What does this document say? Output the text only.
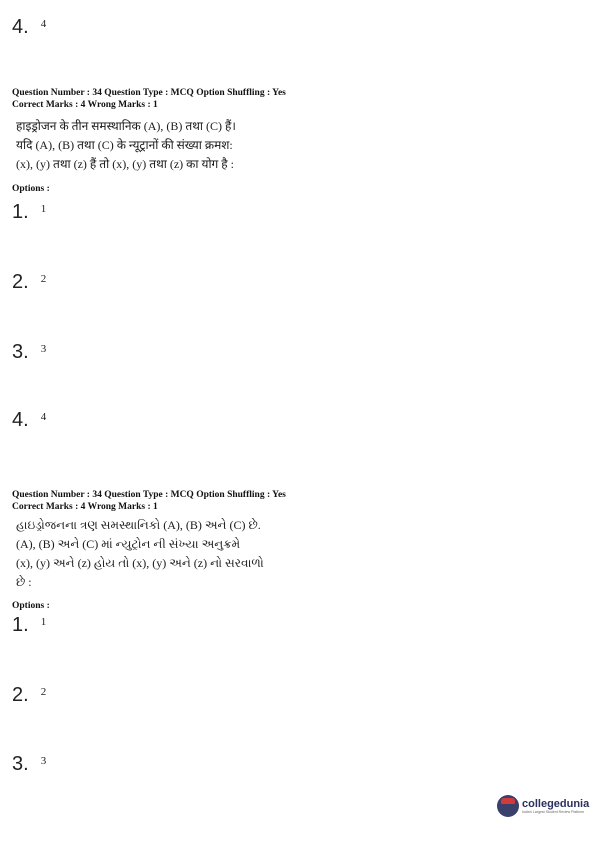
4. 4
Question Number : 34 Question Type : MCQ Option Shuffling : Yes
Correct Marks : 4 Wrong Marks : 1
हाइड्रोजन के तीन समस्थानिक (A), (B) तथा (C) हैं।
यदि (A), (B) तथा (C) के न्यूट्रानों की संख्या क्रमश:
(x), (y) तथा (z) हैं तो (x), (y) तथा (z) का योग है :
Options :
1. 1
2. 2
3. 3
4. 4
Question Number : 34 Question Type : MCQ Option Shuffling : Yes
Correct Marks : 4 Wrong Marks : 1
હાઇડ્રોજનના ત્રણ સમસ્થાનિકો (A), (B) અને (C) છે.
(A), (B) અને (C) માં ન્યુટ્રોન ની સંખ્યા અનુક્રમે
(x), (y) અને (z) હોય તો (x), (y) અને (z) નો સરવાળો
છે :
Options :
1. 1
2. 2
3. 3
collegedunia
India's Largest Student Review Platform
